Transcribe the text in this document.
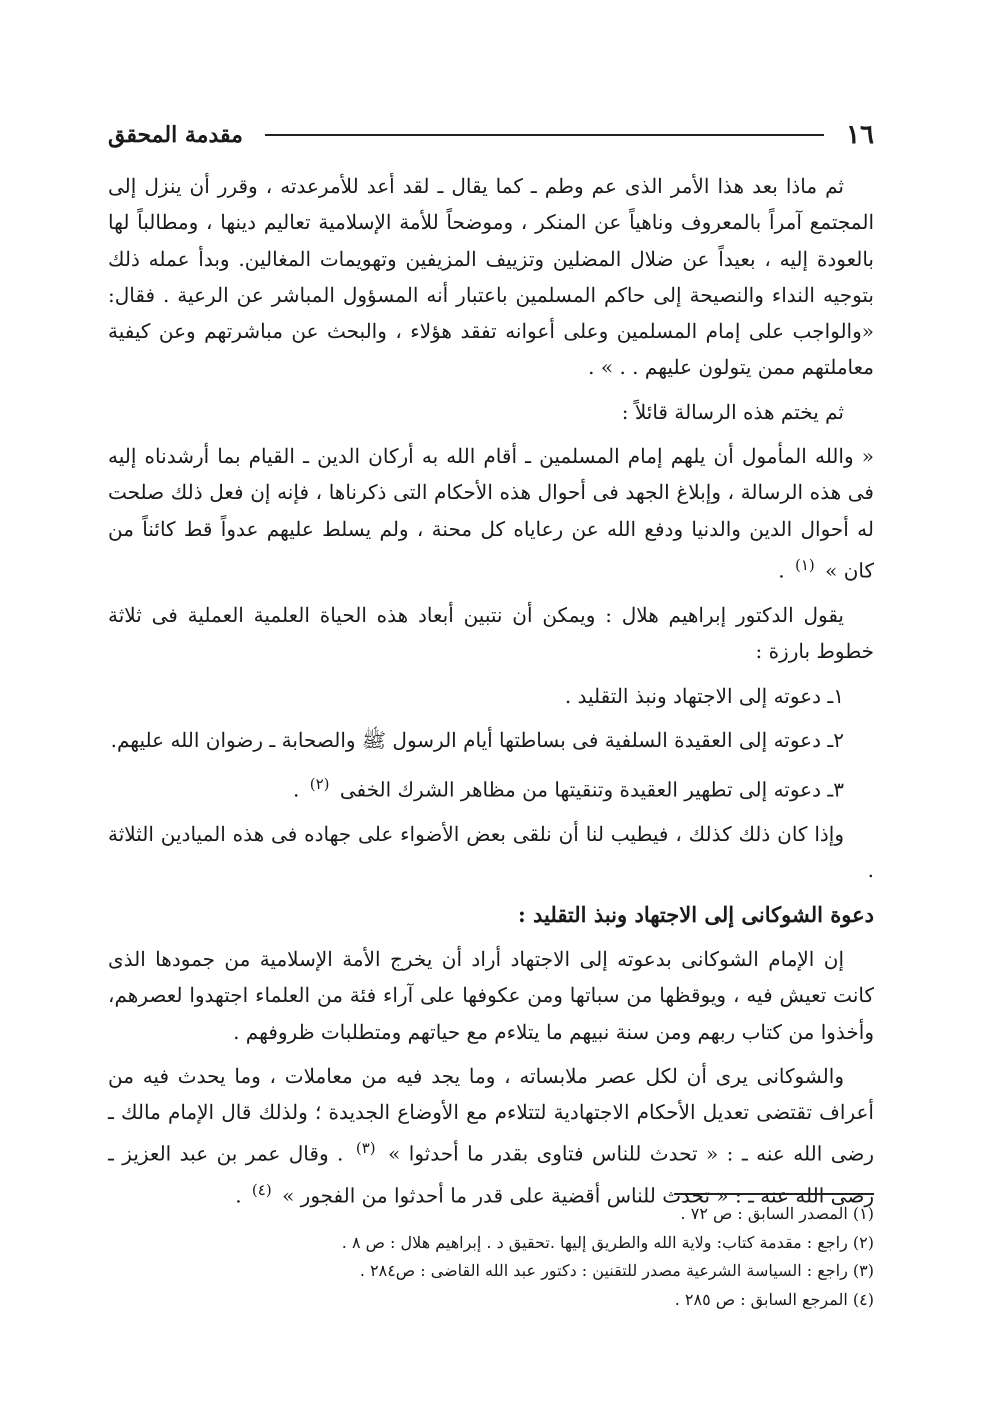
١٦
مقدمة المحقق

ثم ماذا بعد هذا الأمر الذى عم وطم ـ كما يقال ـ لقد أعد للأمرعدته ، وقرر أن ينزل إلى المجتمع آمراً بالمعروف وناهياً عن المنكر ، وموضحاً للأمة الإسلامية تعاليم دينها ، ومطالباً لها بالعودة إليه ، بعيداً عن ضلال المضلين وتزييف المزيفين وتهويمات المغالين. وبدأ عمله ذلك بتوجيه النداء والنصيحة إلى حاكم المسلمين باعتبار أنه المسؤول المباشر عن الرعية . فقال: «والواجب على إمام المسلمين وعلى أعوانه تفقد هؤلاء ، والبحث عن مباشرتهم وعن كيفية معاملتهم ممن يتولون عليهم . . » .

ثم يختم هذه الرسالة قائلاً :

« والله المأمول أن يلهم إمام المسلمين ـ أقام الله به أركان الدين ـ القيام بما أرشدناه إليه فى هذه الرسالة ، وإبلاغ الجهد فى أحوال هذه الأحكام التى ذكرناها ، فإنه إن فعل ذلك صلحت له أحوال الدين والدنيا ودفع الله عن رعاياه كل محنة ، ولم يسلط عليهم عدواً قط كائناً من كان » $^{(١)}$ .

يقول الدكتور إبراهيم هلال : ويمكن أن نتبين أبعاد هذه الحياة العلمية العملية فى ثلاثة خطوط بارزة :

١ـ دعوته إلى الاجتهاد ونبذ التقليد .

٢ـ دعوته إلى العقيدة السلفية فى بساطتها أيام الرسول ﷺ والصحابة ـ رضوان الله عليهم.

٣ـ دعوته إلى تطهير العقيدة وتنقيتها من مظاهر الشرك الخفى $^{(٢)}$ .

وإذا كان ذلك كذلك ، فيطيب لنا أن نلقى بعض الأضواء على جهاده فى هذه الميادين الثلاثة .

دعوة الشوكانى إلى الاجتهاد ونبذ التقليد :

إن الإمام الشوكانى بدعوته إلى الاجتهاد أراد أن يخرج الأمة الإسلامية من جمودها الذى كانت تعيش فيه ، ويوقظها من سباتها ومن عكوفها على آراء فئة من العلماء اجتهدوا لعصرهم، وأخذوا من كتاب ربهم ومن سنة نبيهم ما يتلاءم مع حياتهم ومتطلبات ظروفهم .

والشوكانى يرى أن لكل عصر ملابساته ، وما يجد فيه من معاملات ، وما يحدث فيه من أعراف تقتضى تعديل الأحكام الاجتهادية لتتلاءم مع الأوضاع الجديدة ؛ ولذلك قال الإمام مالك ـ رضى الله عنه ـ : « تحدث للناس فتاوى بقدر ما أحدثوا » $^{(٣)}$ . وقال عمر بن عبد العزيز ـ رضى الله عنه ـ : « تحدث للناس أقضية على قدر ما أحدثوا من الفجور » $^{(٤)}$ .

(١) المصدر السابق : ص ٧٢ .
(٢) راجع : مقدمة كتاب: ولاية الله والطريق إليها .تحقيق د . إبراهيم هلال : ص ٨ .
(٣) راجع : السياسة الشرعية مصدر للتقنين : دكتور عبد الله القاضى : ص٢٨٤ .
(٤) المرجع السابق : ص ٢٨٥ .
